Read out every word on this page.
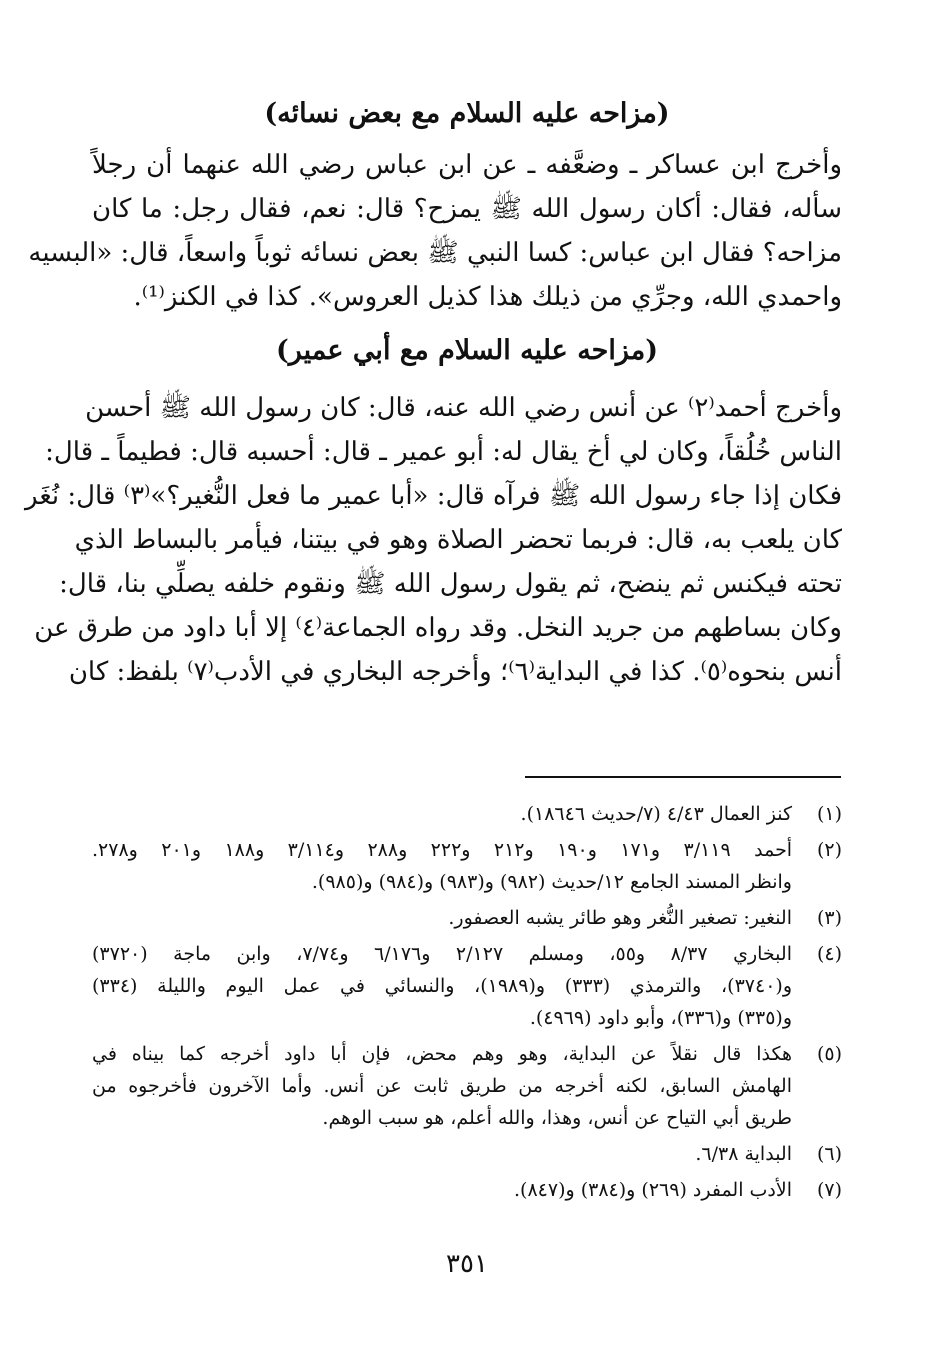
(مزاحه عليه السلام مع بعض نسائه)
وأخرج ابن عساكر ـ وضعَّفه ـ عن ابن عباس رضي الله عنهما أن رجلاً
سأله، فقال: أكان رسول الله ﷺ يمزح؟ قال: نعم، فقال رجل: ما كان
مزاحه؟ فقال ابن عباس: كسا النبي ﷺ بعض نسائه ثوباً واسعاً، قال: «البسيه
واحمدي الله، وجرِّي من ذيلك هذا كذيل العروس». كذا في الكنز⁽¹⁾.
(مزاحه عليه السلام مع أبي عمير)
وأخرج أحمد⁽٢⁾ عن أنس رضي الله عنه، قال: كان رسول الله ﷺ أحسن
الناس خُلُقاً، وكان لي أخ يقال له: أبو عمير ـ قال: أحسبه قال: فطيماً ـ قال:
فكان إذا جاء رسول الله ﷺ فرآه قال: «أبا عمير ما فعل النُّغير؟»⁽٣⁾ قال: نُغَر
كان يلعب به، قال: فربما تحضر الصلاة وهو في بيتنا، فيأمر بالبساط الذي
تحته فيكنس ثم ينضح، ثم يقول رسول الله ﷺ ونقوم خلفه يصلِّي بنا، قال:
وكان بساطهم من جريد النخل. وقد رواه الجماعة⁽٤⁾ إلا أبا داود من طرق عن
أنس بنحوه⁽٥⁾. كذا في البداية⁽٦⁾؛ وأخرجه البخاري في الأدب⁽٧⁾ بلفظ: كان
(١)
كنز العمال ٤/٤٣ (٧/حديث ١٨٦٤٦).
(٢)
أحمد ٣/١١٩ و١٧١ و١٩٠ و٢١٢ و٢٢٢ و٢٨٨ و٣/١١٤ و١٨٨ و٢٠١ و٢٧٨.
وانظر المسند الجامع ١٢/حديث (٩٨٢) و(٩٨٣) و(٩٨٤) و(٩٨٥).
(٣)
النغير: تصغير النُّغر وهو طائر يشبه العصفور.
(٤)
البخاري ٨/٣٧ و٥٥، ومسلم ٢/١٢٧ و٦/١٧٦ و٧/٧٤، وابن ماجة (٣٧٢٠)
و(٣٧٤٠)، والترمذي (٣٣٣) و(١٩٨٩)، والنسائي في عمل اليوم والليلة (٣٣٤)
و(٣٣٥) و(٣٣٦)، وأبو داود (٤٩٦٩).
(٥)
هكذا قال نقلاً عن البداية، وهو وهم محض، فإن أبا داود أخرجه كما بيناه في
الهامش السابق، لكنه أخرجه من طريق ثابت عن أنس. وأما الآخرون فأخرجوه من
طريق أبي التياح عن أنس، وهذا، والله أعلم، هو سبب الوهم.
(٦)
البداية ٦/٣٨.
(٧)
الأدب المفرد (٢٦٩) و(٣٨٤) و(٨٤٧).
٣٥١
